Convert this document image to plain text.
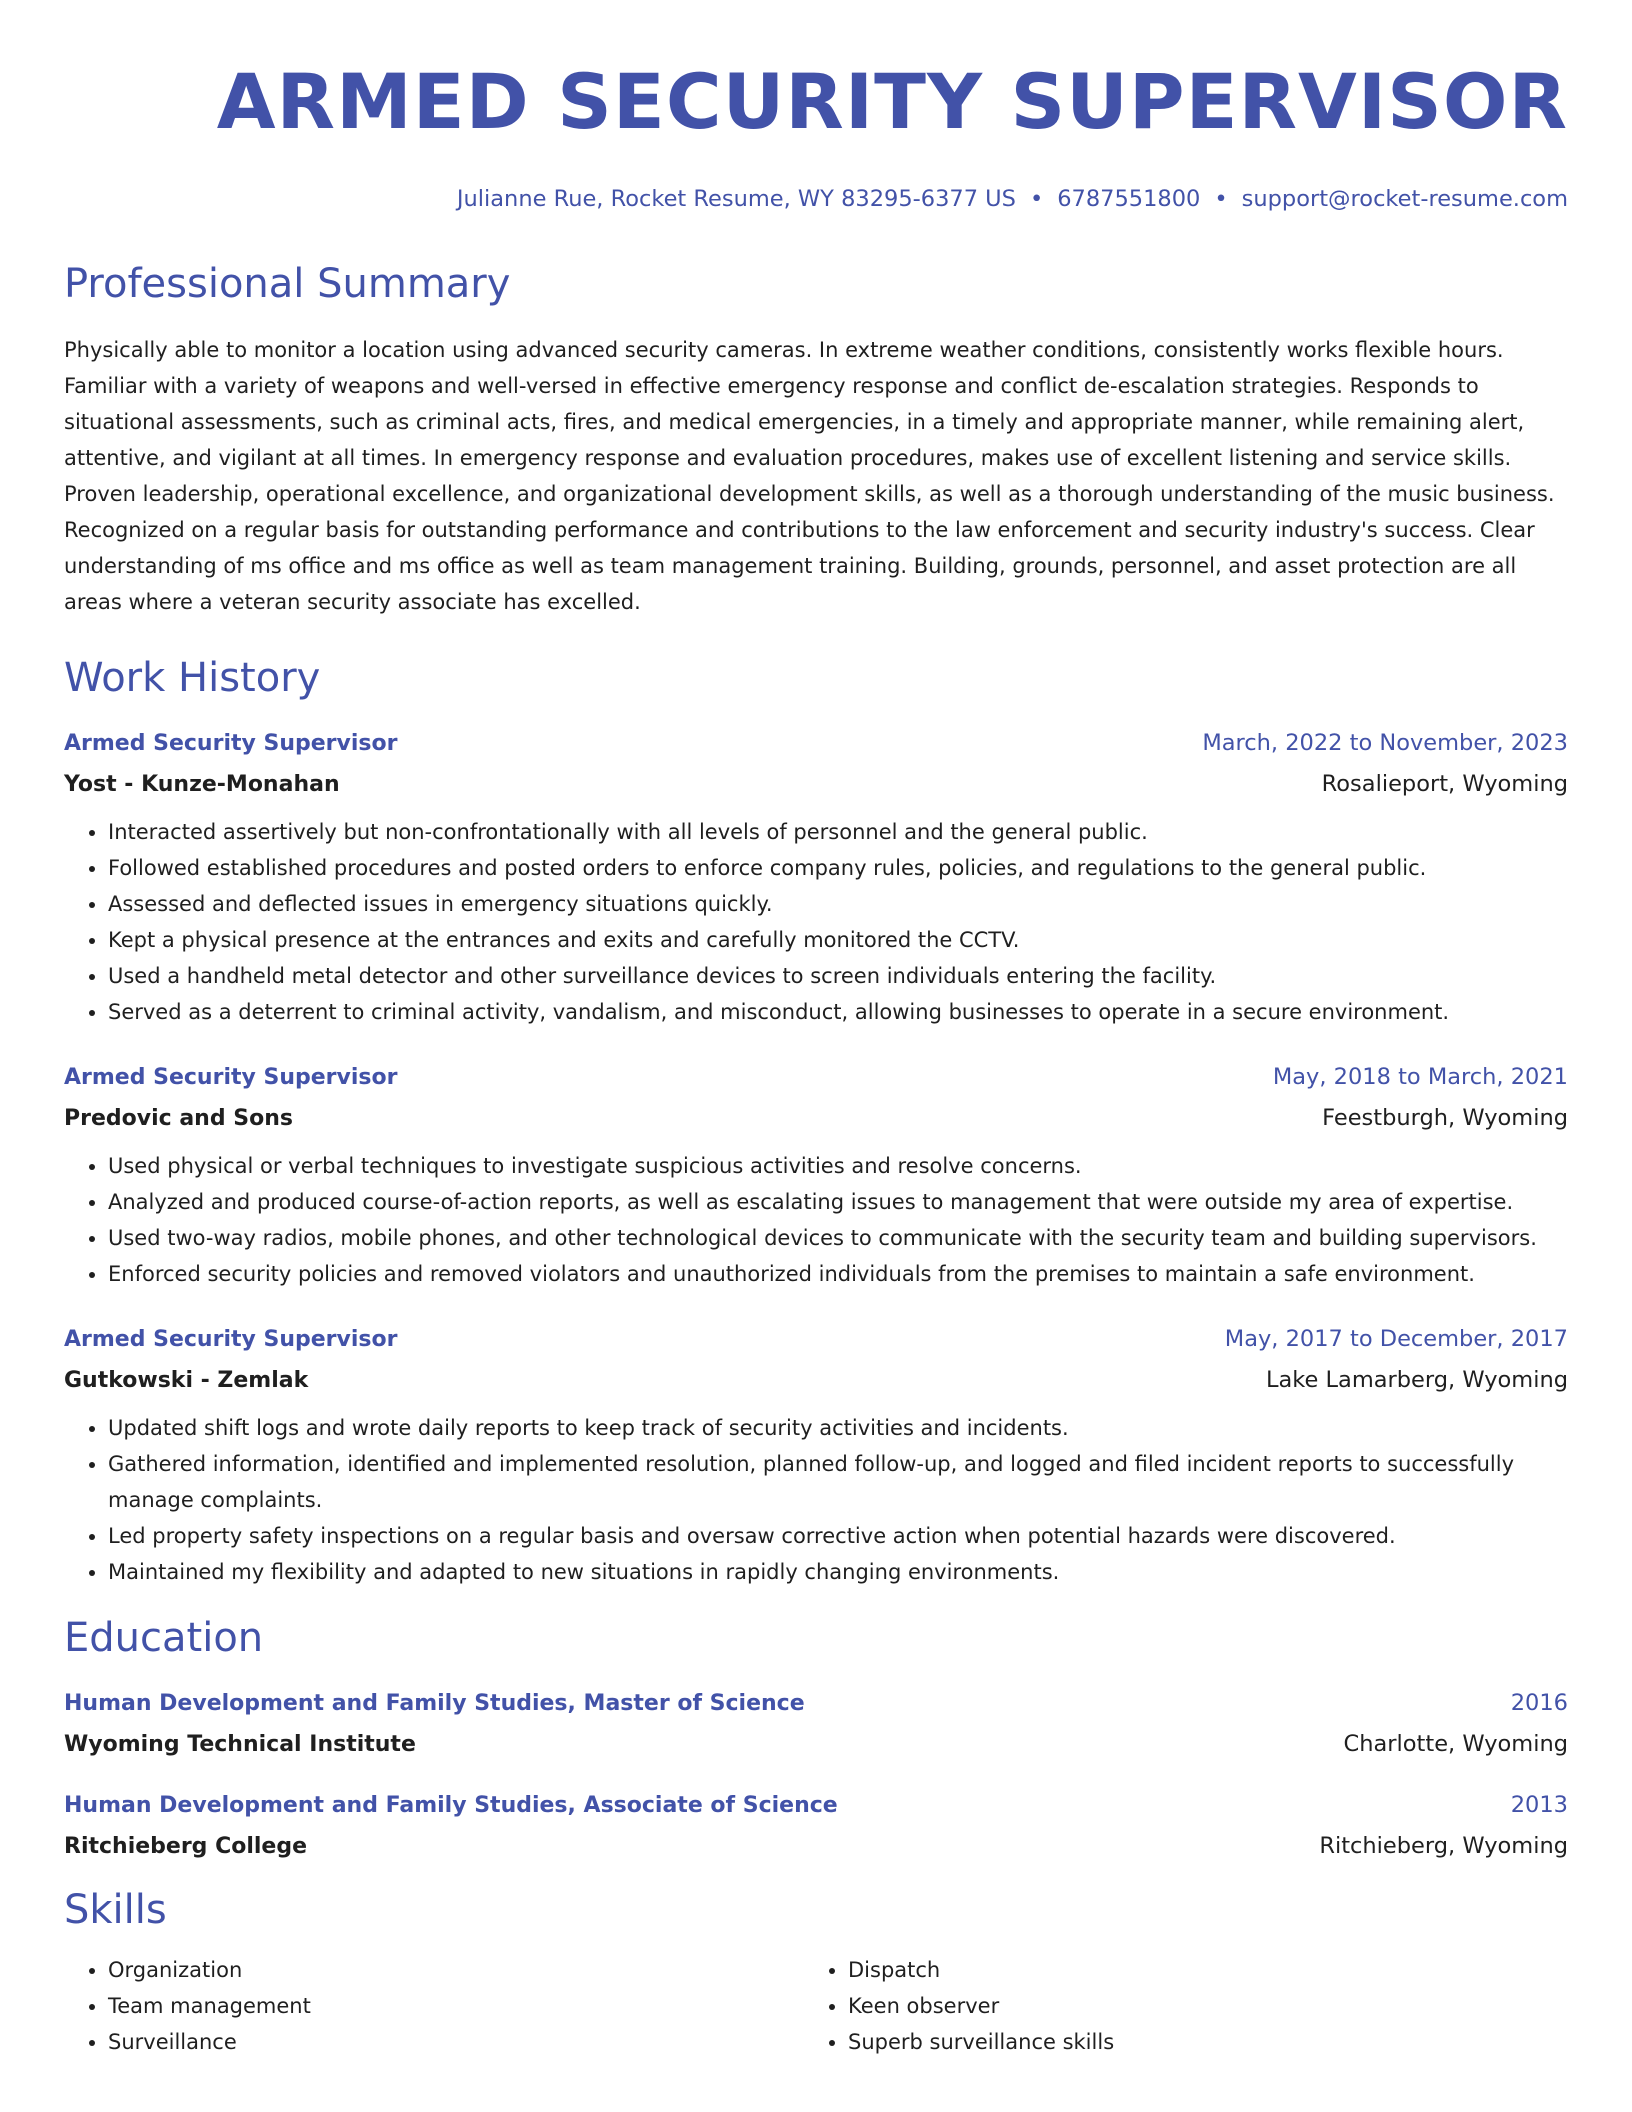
ARMED SECURITY SUPERVISOR
Julianne Rue, Rocket Resume, WY 83295-6377 US • 6787551800 • support@rocket-resume.com
Professional Summary
Physically able to monitor a location using advanced security cameras. In extreme weather conditions, consistently works flexible hours. Familiar with a variety of weapons and well-versed in effective emergency response and conflict de-escalation strategies. Responds to situational assessments, such as criminal acts, fires, and medical emergencies, in a timely and appropriate manner, while remaining alert, attentive, and vigilant at all times. In emergency response and evaluation procedures, makes use of excellent listening and service skills. Proven leadership, operational excellence, and organizational development skills, as well as a thorough understanding of the music business. Recognized on a regular basis for outstanding performance and contributions to the law enforcement and security industry's success. Clear understanding of ms office and ms office as well as team management training. Building, grounds, personnel, and asset protection are all areas where a veteran security associate has excelled.
Work History
Armed Security Supervisor	March, 2022 to November, 2023
Yost - Kunze-Monahan	Rosalieport, Wyoming
• Interacted assertively but non-confrontationally with all levels of personnel and the general public.
• Followed established procedures and posted orders to enforce company rules, policies, and regulations to the general public.
• Assessed and deflected issues in emergency situations quickly.
• Kept a physical presence at the entrances and exits and carefully monitored the CCTV.
• Used a handheld metal detector and other surveillance devices to screen individuals entering the facility.
• Served as a deterrent to criminal activity, vandalism, and misconduct, allowing businesses to operate in a secure environment.
Armed Security Supervisor	May, 2018 to March, 2021
Predovic and Sons	Feestburgh, Wyoming
• Used physical or verbal techniques to investigate suspicious activities and resolve concerns.
• Analyzed and produced course-of-action reports, as well as escalating issues to management that were outside my area of expertise.
• Used two-way radios, mobile phones, and other technological devices to communicate with the security team and building supervisors.
• Enforced security policies and removed violators and unauthorized individuals from the premises to maintain a safe environment.
Armed Security Supervisor	May, 2017 to December, 2017
Gutkowski - Zemlak	Lake Lamarberg, Wyoming
• Updated shift logs and wrote daily reports to keep track of security activities and incidents.
• Gathered information, identified and implemented resolution, planned follow-up, and logged and filed incident reports to successfully manage complaints.
• Led property safety inspections on a regular basis and oversaw corrective action when potential hazards were discovered.
• Maintained my flexibility and adapted to new situations in rapidly changing environments.
Education
Human Development and Family Studies, Master of Science	2016
Wyoming Technical Institute	Charlotte, Wyoming
Human Development and Family Studies, Associate of Science	2013
Ritchieberg College	Ritchieberg, Wyoming
Skills
• Organization
• Team management
• Surveillance
• Dispatch
• Keen observer
• Superb surveillance skills
